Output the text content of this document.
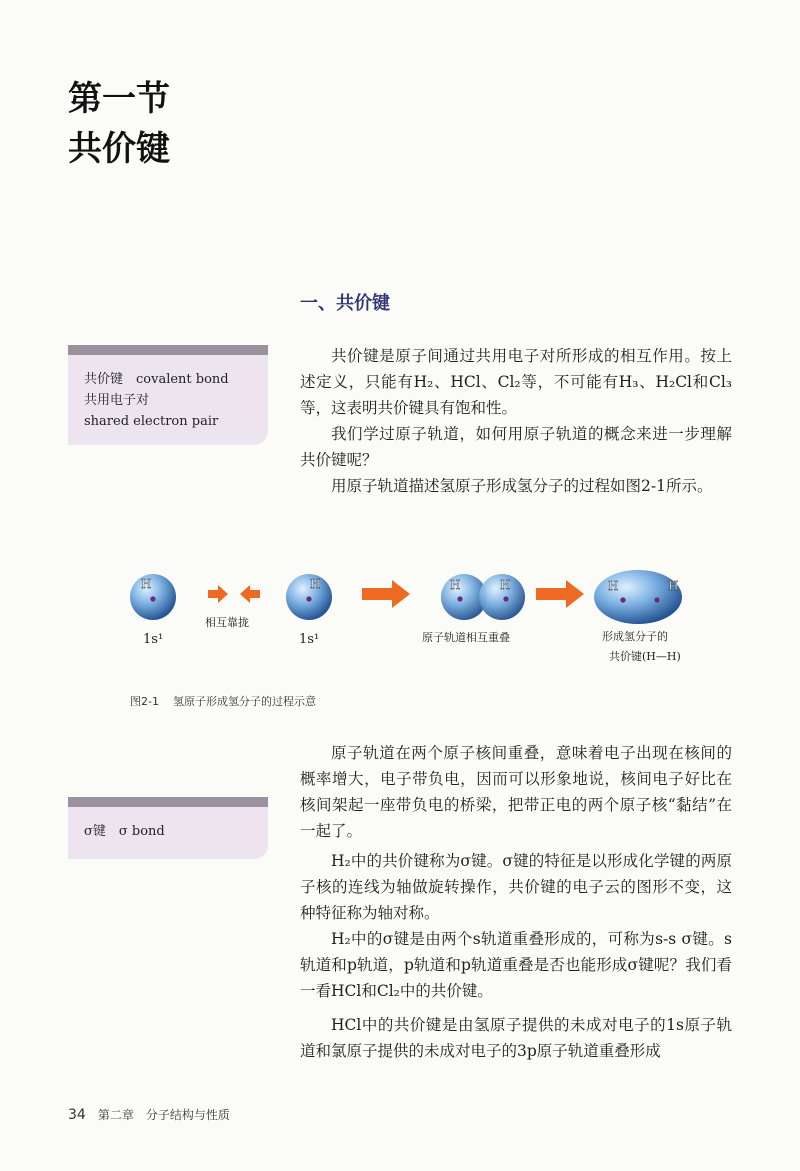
第一节
共价键
一、共价键
共价键　covalent bond
共用电子对
shared electron pair

共价键是原子间通过共用电子对所形成的相互作用。按上述定义，只能有H₂、HCl、Cl₂等，不可能有H₃、H₂Cl和Cl₃等，这表明共价键具有饱和性。

我们学过原子轨道，如何用原子轨道的概念来进一步理解共价键呢？

用原子轨道描述氢原子形成氢分子的过程如图2-1所示。

H
1s¹
相互靠拢
H
1s¹
H	H
原子轨道相互重叠
H	H
形成氢分子的
共价键(H—H)
图2-1 氢原子形成氢分子的过程示意

原子轨道在两个原子核间重叠，意味着电子出现在核间的概率增大，电子带负电，因而可以形象地说，核间电子好比在核间架起一座带负电的桥梁，把带正电的两个原子核“黏结”在一起了。

σ键　σ bond

H₂中的共价键称为σ键。σ键的特征是以形成化学键的两原子核的连线为轴做旋转操作，共价键的电子云的图形不变，这种特征称为轴对称。

H₂中的σ键是由两个s轨道重叠形成的，可称为s-s σ键。s轨道和p轨道，p轨道和p轨道重叠是否也能形成σ键呢？我们看一看HCl和Cl₂中的共价键。

HCl中的共价键是由氢原子提供的未成对电子的1s原子轨道和氯原子提供的未成对电子的3p原子轨道重叠形成

34 第二章 分子结构与性质
